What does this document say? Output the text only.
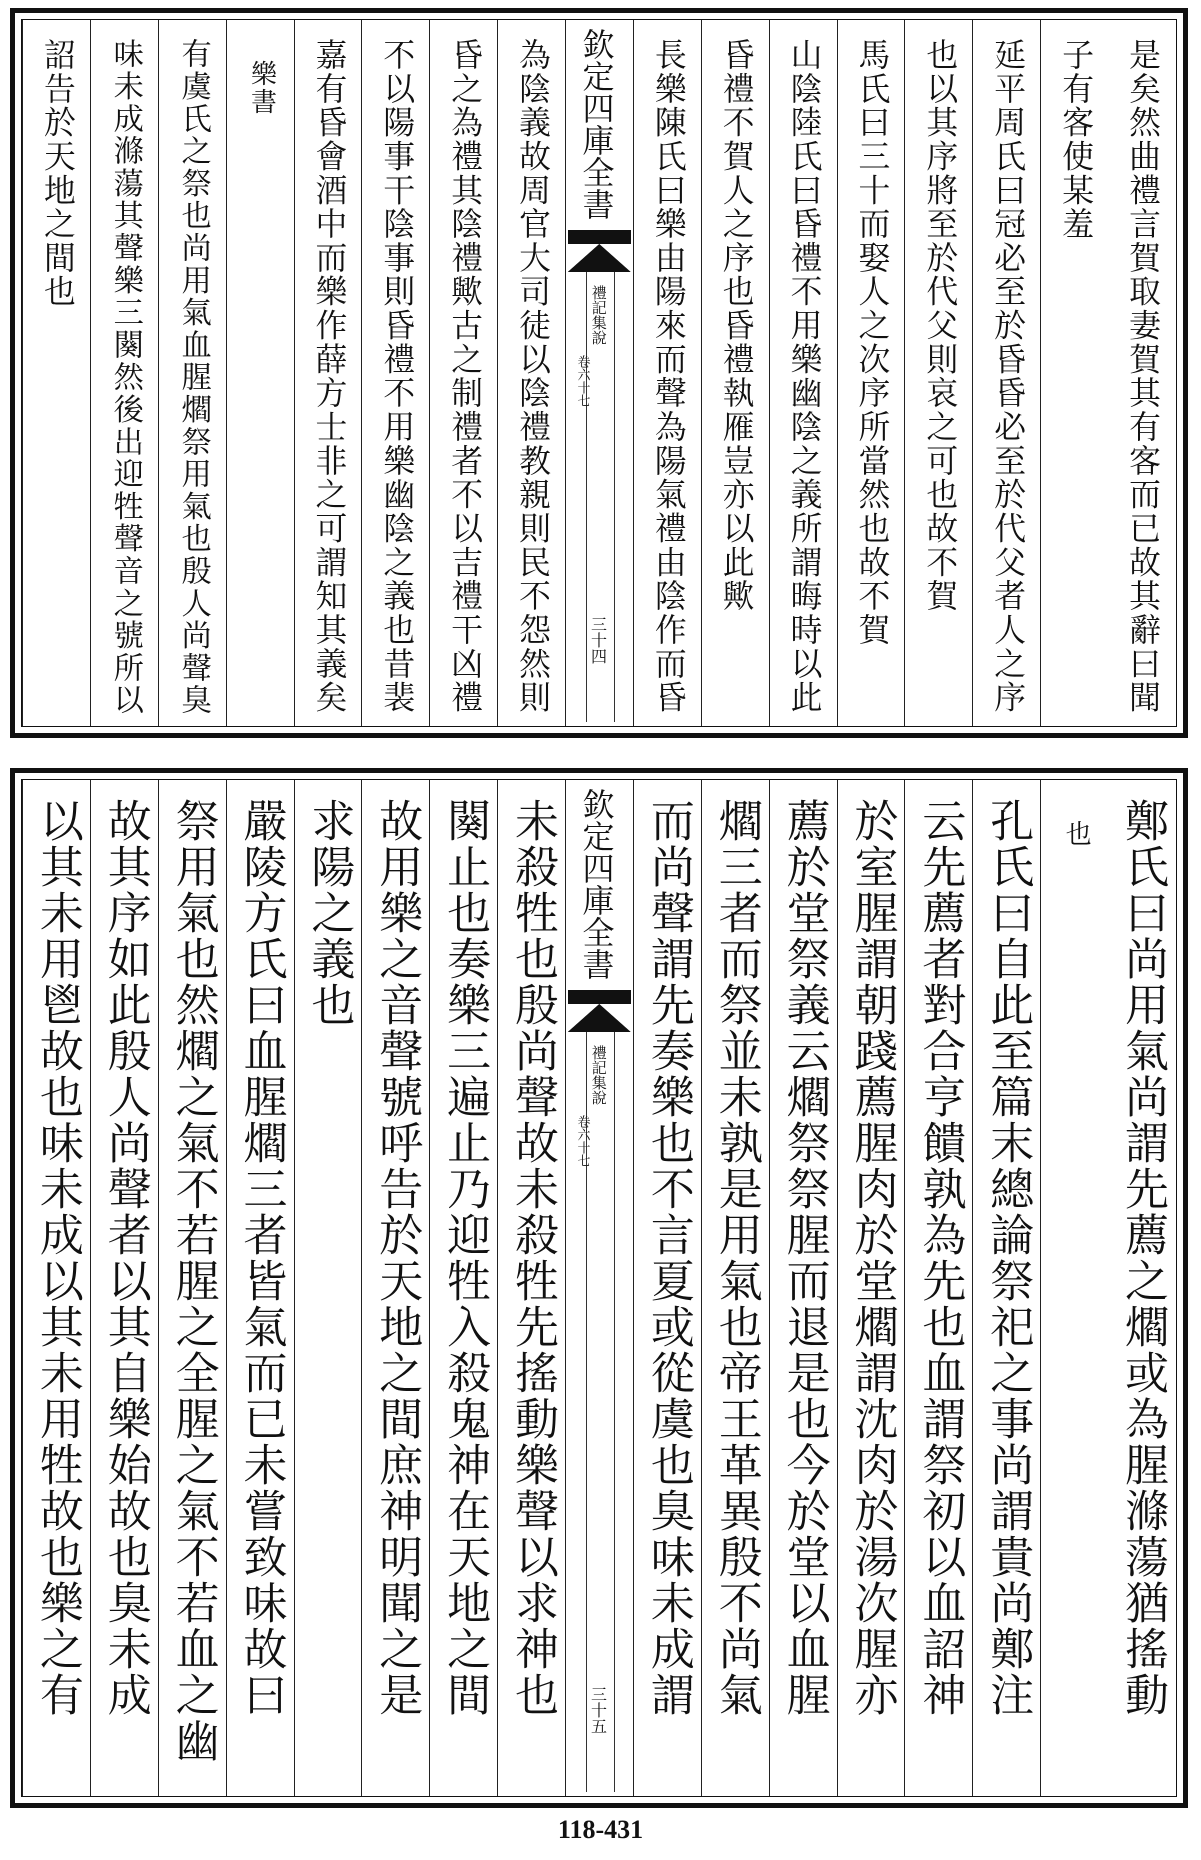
是矣然曲禮言賀取妻賀其有客而已故其辭曰聞
子有客使某羞
延平周氏曰冠必至於昏昏必至於代父者人之序
也以其序將至於代父則哀之可也故不賀
馬氏曰三十而娶人之次序所當然也故不賀
山陰陸氏曰昏禮不用樂幽陰之義所謂晦時以此
昏禮不賀人之序也昏禮執雁豈亦以此歟
長樂陳氏曰樂由陽來而聲為陽氣禮由陰作而昏
欽定四庫全書
禮記集說
卷六十七
三十四
為陰義故周官大司徒以陰禮教親則民不怨然則
昏之為禮其陰禮歟古之制禮者不以吉禮干凶禮
不以陽事干陰事則昏禮不用樂幽陰之義也昔裴
嘉有昏會酒中而樂作薛方士非之可謂知其義矣
樂書
有虞氏之祭也尚用氣血腥爓祭用氣也殷人尚聲臭
味未成滌蕩其聲樂三闋然後出迎牲聲音之號所以
詔告於天地之間也
鄭氏曰尚用氣尚謂先薦之爓或為腥滌蕩猶搖動
也
孔氏曰自此至篇末總論祭祀之事尚謂貴尚鄭注
云先薦者對合亨饋孰為先也血謂祭初以血詔神
於室腥謂朝踐薦腥肉於堂爓謂沈肉於湯次腥亦
薦於堂祭義云爓祭祭腥而退是也今於堂以血腥
爓三者而祭並未孰是用氣也帝王革異殷不尚氣
而尚聲謂先奏樂也不言夏或從虞也臭味未成謂
欽定四庫全書
禮記集說
卷六十七
三十五
未殺牲也殷尚聲故未殺牲先搖動樂聲以求神也
闋止也奏樂三遍止乃迎牲入殺鬼神在天地之間
故用樂之音聲號呼告於天地之間庶神明聞之是
求陽之義也
嚴陵方氏曰血腥爓三者皆氣而已未嘗致味故曰
祭用氣也然爓之氣不若腥之全腥之氣不若血之幽
故其序如此殷人尚聲者以其自樂始故也臭未成
以其未用鬯故也味未成以其未用牲故也樂之有
118-431
